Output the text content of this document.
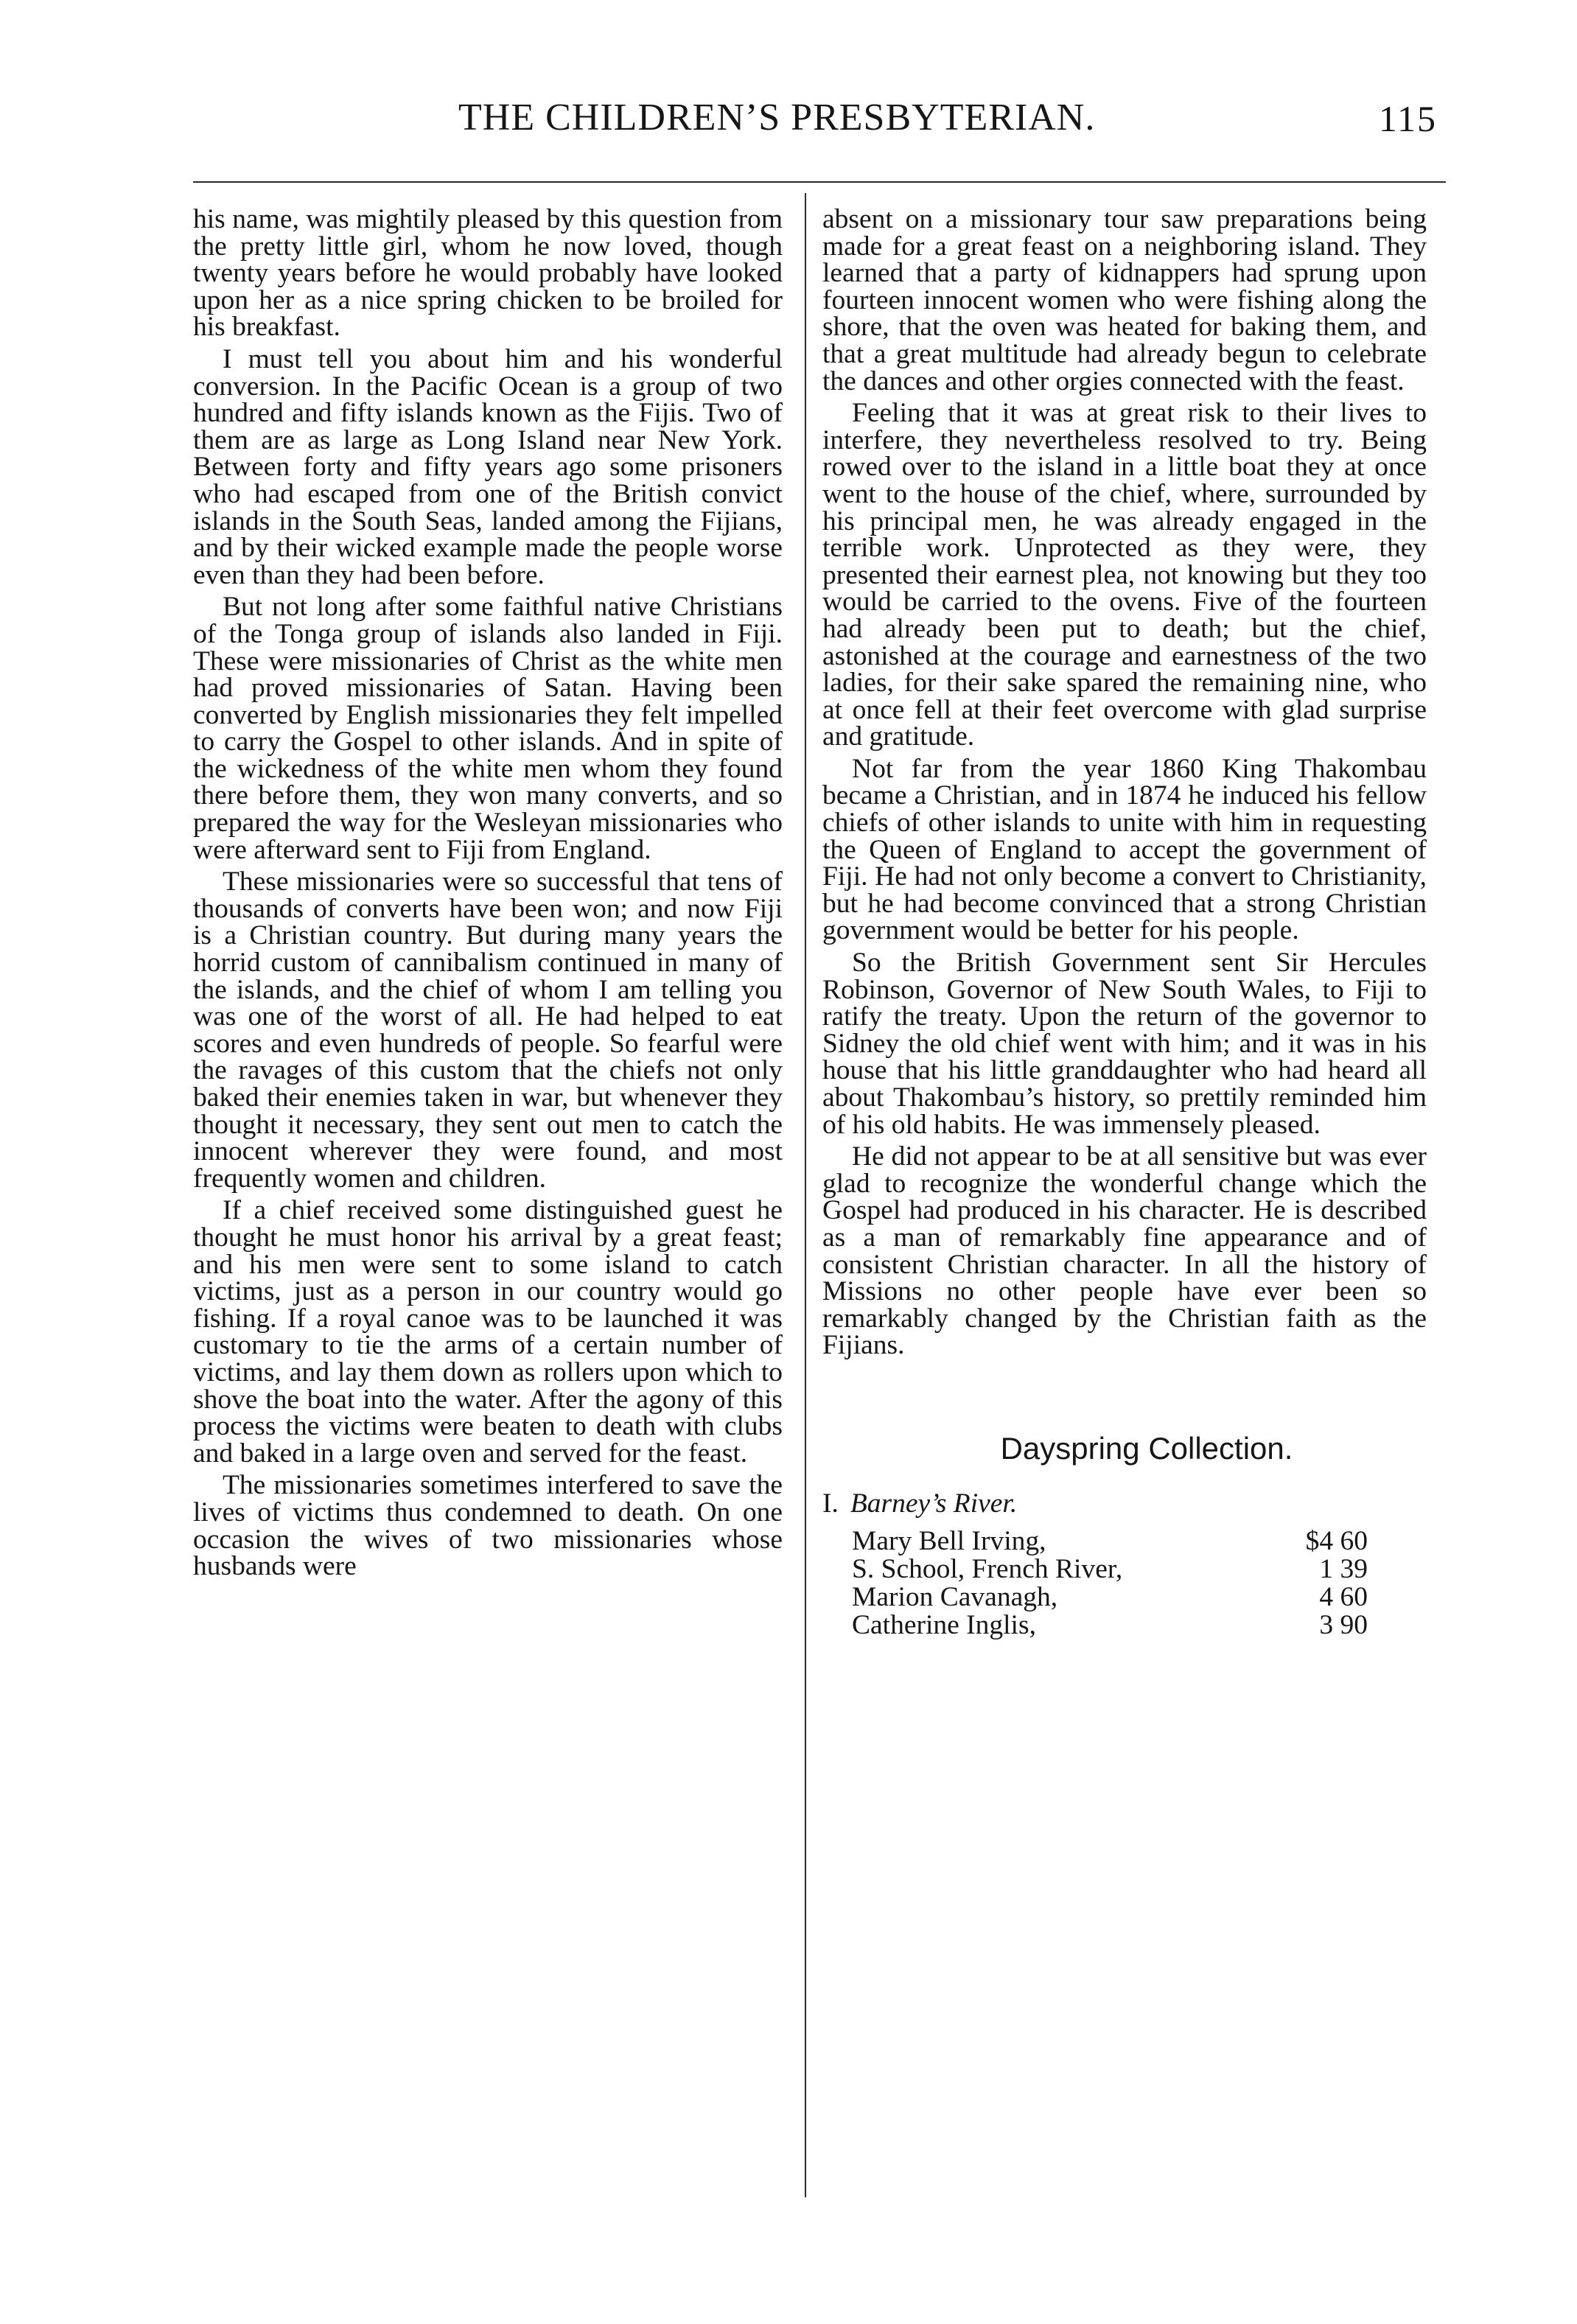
THE CHILDREN’S PRESBYTERIAN.	115

his name, was mightily pleased by this question from the pretty little girl, whom he now loved, though twenty years before he would probably have looked upon her as a nice spring chicken to be broiled for his breakfast.

I must tell you about him and his wonderful conversion. In the Pacific Ocean is a group of two hundred and fifty islands known as the Fijis. Two of them are as large as Long Island near New York. Between forty and fifty years ago some prisoners who had escaped from one of the British convict islands in the South Seas, landed among the Fijians, and by their wicked example made the people worse even than they had been before.

But not long after some faithful native Christians of the Tonga group of islands also landed in Fiji. These were missionaries of Christ as the white men had proved missionaries of Satan. Having been converted by English missionaries they felt impelled to carry the Gospel to other islands. And in spite of the wickedness of the white men whom they found there before them, they won many converts, and so prepared the way for the Wesleyan missionaries who were afterward sent to Fiji from England.

These missionaries were so successful that tens of thousands of converts have been won; and now Fiji is a Christian country. But during many years the horrid custom of cannibalism continued in many of the islands, and the chief of whom I am telling you was one of the worst of all. He had helped to eat scores and even hundreds of people. So fearful were the ravages of this custom that the chiefs not only baked their enemies taken in war, but whenever they thought it necessary, they sent out men to catch the innocent wherever they were found, and most frequently women and children.

If a chief received some distinguished guest he thought he must honor his arrival by a great feast; and his men were sent to some island to catch victims, just as a person in our country would go fishing. If a royal canoe was to be launched it was customary to tie the arms of a certain number of victims, and lay them down as rollers upon which to shove the boat into the water. After the agony of this process the victims were beaten to death with clubs and baked in a large oven and served for the feast.

The missionaries sometimes interfered to save the lives of victims thus condemned to death. On one occasion the wives of two missionaries whose husbands were

absent on a missionary tour saw preparations being made for a great feast on a neighboring island. They learned that a party of kidnappers had sprung upon fourteen innocent women who were fishing along the shore, that the oven was heated for baking them, and that a great multitude had already begun to celebrate the dances and other orgies connected with the feast.

Feeling that it was at great risk to their lives to interfere, they nevertheless resolved to try. Being rowed over to the island in a little boat they at once went to the house of the chief, where, surrounded by his principal men, he was already engaged in the terrible work. Unprotected as they were, they presented their earnest plea, not knowing but they too would be carried to the ovens. Five of the fourteen had already been put to death; but the chief, astonished at the courage and earnestness of the two ladies, for their sake spared the remaining nine, who at once fell at their feet overcome with glad surprise and gratitude.

Not far from the year 1860 King Thakombau became a Christian, and in 1874 he induced his fellow chiefs of other islands to unite with him in requesting the Queen of England to accept the government of Fiji. He had not only become a convert to Christianity, but he had become convinced that a strong Christian government would be better for his people.

So the British Government sent Sir Hercules Robinson, Governor of New South Wales, to Fiji to ratify the treaty. Upon the return of the governor to Sidney the old chief went with him; and it was in his house that his little granddaughter who had heard all about Thakombau’s history, so prettily reminded him of his old habits. He was immensely pleased.

He did not appear to be at all sensitive but was ever glad to recognize the wonderful change which the Gospel had produced in his character. He is described as a man of remarkably fine appearance and of consistent Christian character. In all the history of Missions no other people have ever been so remarkably changed by the Christian faith as the Fijians.

Dayspring Collection.
I. Barney’s River.
Mary Bell Irving,	$4 60
S. School, French River,	1 39
Marion Cavanagh,	4 60
Catherine Inglis,	3 90
